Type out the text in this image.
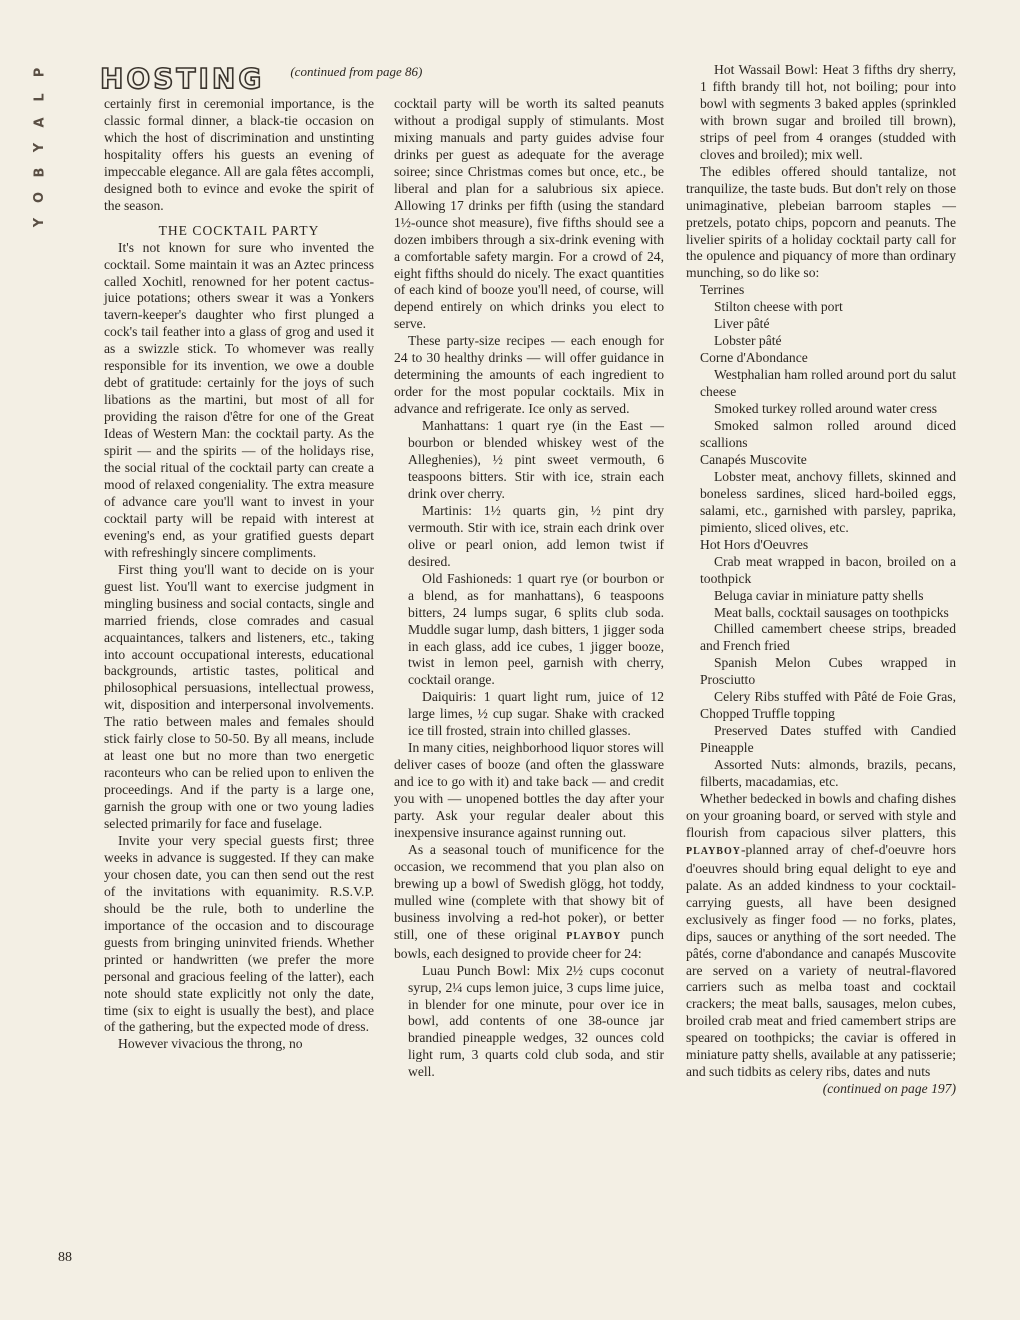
P
L
A
Y
B
O
Y
HOSTING (continued from page 86)

certainly first in ceremonial importance, is the classic formal dinner, a black-tie occasion on which the host of discrimination and unstinting hospitality offers his guests an evening of impeccable elegance. All are gala fêtes accompli, designed both to evince and evoke the spirit of the season.

THE COCKTAIL PARTY

It's not known for sure who invented the cocktail. Some maintain it was an Aztec princess called Xochitl, renowned for her potent cactus-juice potations; others swear it was a Yonkers tavern-keeper's daughter who first plunged a cock's tail feather into a glass of grog and used it as a swizzle stick. To whomever was really responsible for its invention, we owe a double debt of gratitude: certainly for the joys of such libations as the martini, but most of all for providing the raison d'être for one of the Great Ideas of Western Man: the cocktail party. As the spirit — and the spirits — of the holidays rise, the social ritual of the cocktail party can create a mood of relaxed congeniality. The extra measure of advance care you'll want to invest in your cocktail party will be repaid with interest at evening's end, as your gratified guests depart with refreshingly sincere compliments.

First thing you'll want to decide on is your guest list. You'll want to exercise judgment in mingling business and social contacts, single and married friends, close comrades and casual acquaintances, talkers and listeners, etc., taking into account occupational interests, educational backgrounds, artistic tastes, political and philosophical persuasions, intellectual prowess, wit, disposition and interpersonal involvements. The ratio between males and females should stick fairly close to 50-50. By all means, include at least one but no more than two energetic raconteurs who can be relied upon to enliven the proceedings. And if the party is a large one, garnish the group with one or two young ladies selected primarily for face and fuselage.

Invite your very special guests first; three weeks in advance is suggested. If they can make your chosen date, you can then send out the rest of the invitations with equanimity. R.S.V.P. should be the rule, both to underline the importance of the occasion and to discourage guests from bringing uninvited friends. Whether printed or handwritten (we prefer the more personal and gracious feeling of the latter), each note should state explicitly not only the date, time (six to eight is usually the best), and place of the gathering, but the expected mode of dress.

However vivacious the throng, no

cocktail party will be worth its salted peanuts without a prodigal supply of stimulants. Most mixing manuals and party guides advise four drinks per guest as adequate for the average soiree; since Christmas comes but once, etc., be liberal and plan for a salubrious six apiece. Allowing 17 drinks per fifth (using the standard 1½-ounce shot measure), five fifths should see a dozen imbibers through a six-drink evening with a comfortable safety margin. For a crowd of 24, eight fifths should do nicely. The exact quantities of each kind of booze you'll need, of course, will depend entirely on which drinks you elect to serve.

These party-size recipes — each enough for 24 to 30 healthy drinks — will offer guidance in determining the amounts of each ingredient to order for the most popular cocktails. Mix in advance and refrigerate. Ice only as served.

Manhattans: 1 quart rye (in the East — bourbon or blended whiskey west of the Alleghenies), ½ pint sweet vermouth, 6 teaspoons bitters. Stir with ice, strain each drink over cherry.

Martinis: 1½ quarts gin, ½ pint dry vermouth. Stir with ice, strain each drink over olive or pearl onion, add lemon twist if desired.

Old Fashioneds: 1 quart rye (or bourbon or a blend, as for manhattans), 6 teaspoons bitters, 24 lumps sugar, 6 splits club soda. Muddle sugar lump, dash bitters, 1 jigger soda in each glass, add ice cubes, 1 jigger booze, twist in lemon peel, garnish with cherry, cocktail orange.

Daiquiris: 1 quart light rum, juice of 12 large limes, ½ cup sugar. Shake with cracked ice till frosted, strain into chilled glasses.

In many cities, neighborhood liquor stores will deliver cases of booze (and often the glassware and ice to go with it) and take back — and credit you with — unopened bottles the day after your party. Ask your regular dealer about this inexpensive insurance against running out.

As a seasonal touch of munificence for the occasion, we recommend that you plan also on brewing up a bowl of Swedish glögg, hot toddy, mulled wine (complete with that showy bit of business involving a red-hot poker), or better still, one of these original PLAYBOY punch bowls, each designed to provide cheer for 24:

Luau Punch Bowl: Mix 2½ cups coconut syrup, 2¼ cups lemon juice, 3 cups lime juice, in blender for one minute, pour over ice in bowl, add contents of one 38-ounce jar brandied pineapple wedges, 32 ounces cold light rum, 3 quarts cold club soda, and stir well.

Hot Wassail Bowl: Heat 3 fifths dry sherry, 1 fifth brandy till hot, not boiling; pour into bowl with segments 3 baked apples (sprinkled with brown sugar and broiled till brown), strips of peel from 4 oranges (studded with cloves and broiled); mix well.

The edibles offered should tantalize, not tranquilize, the taste buds. But don't rely on those unimaginative, plebeian barroom staples — pretzels, potato chips, popcorn and peanuts. The livelier spirits of a holiday cocktail party call for the opulence and piquancy of more than ordinary munching, so do like so:

Terrines

Stilton cheese with port

Liver pâté

Lobster pâté

Corne d'Abondance

Westphalian ham rolled around port du salut cheese

Smoked turkey rolled around water cress

Smoked salmon rolled around diced scallions

Canapés Muscovite

Lobster meat, anchovy fillets, skinned and boneless sardines, sliced hard-boiled eggs, salami, etc., garnished with parsley, paprika, pimiento, sliced olives, etc.

Hot Hors d'Oeuvres

Crab meat wrapped in bacon, broiled on a toothpick

Beluga caviar in miniature patty shells

Meat balls, cocktail sausages on toothpicks

Chilled camembert cheese strips, breaded and French fried

Spanish Melon Cubes wrapped in Prosciutto

Celery Ribs stuffed with Pâté de Foie Gras, Chopped Truffle topping

Preserved Dates stuffed with Candied Pineapple

Assorted Nuts: almonds, brazils, pecans, filberts, macadamias, etc.

Whether bedecked in bowls and chafing dishes on your groaning board, or served with style and flourish from capacious silver platters, this PLAYBOY-planned array of chef-d'oeuvre hors d'oeuvres should bring equal delight to eye and palate. As an added kindness to your cocktail-carrying guests, all have been designed exclusively as finger food — no forks, plates, dips, sauces or anything of the sort needed. The pâtés, corne d'abondance and canapés Muscovite are served on a variety of neutral-flavored carriers such as melba toast and cocktail crackers; the meat balls, sausages, melon cubes, broiled crab meat and fried camembert strips are speared on toothpicks; the caviar is offered in miniature patty shells, available at any patisserie; and such tidbits as celery ribs, dates and nuts

(continued on page 197)

88
